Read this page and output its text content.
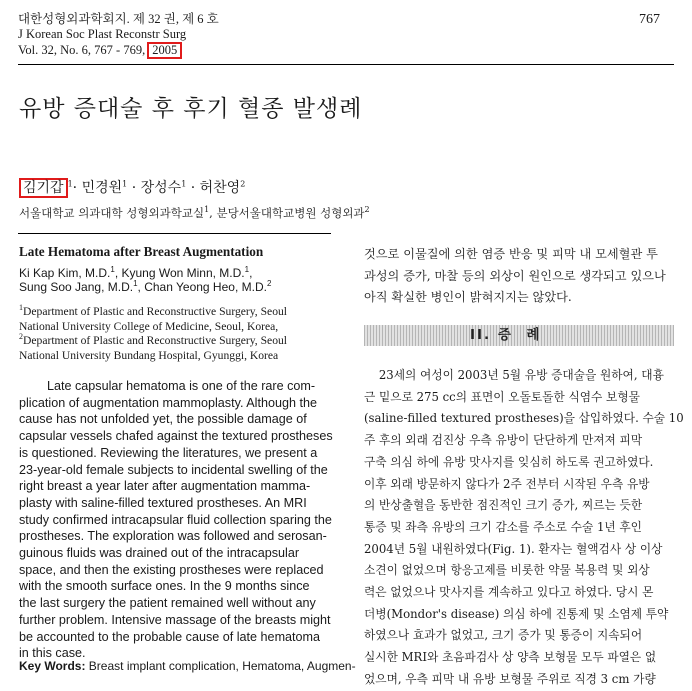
대한성형외과학회지. 제 32 권, 제 6 호
J Korean Soc Plast Reconstr Surg
Vol. 32, No. 6, 767 - 769, 2005
767
유방 증대술 후 후기 혈종 발생례
김기갑 $^1$· 민경원$^1$ · 장성수$^1$ · 허찬영$^2$
서울대학교 의과대학 성형외과학교실$^1$, 분당서울대학교병원 성형외과$^2$
Late Hematoma after Breast Augmentation
Ki Kap Kim, M.D.$^1$, Kyung Won Minn, M.D.$^1$,
Sung Soo Jang, M.D.$^1$, Chan Yeong Heo, M.D.$^2$
$^1$Department of Plastic and Reconstructive Surgery, Seoul
National University College of Medicine, Seoul, Korea,
$^2$Department of Plastic and Reconstructive Surgery, Seoul
National University Bundang Hospital, Gyunggi, Korea
Late capsular hematoma is one of the rare com-
plication of augmentation mammoplasty. Although the
cause has not unfolded yet, the possible damage of
capsular vessels chafed against the textured prostheses
is questioned. Reviewing the literatures, we present a
23-year-old female subjects to incidental swelling of the
right breast a year later after augmentation mamma-
plasty with saline-filled textured prostheses. An MRI
study confirmed intracapsular fluid collection sparing the
prostheses. The exploration was followed and serosan-
guinous fluids was drained out of the intracapsular
space, and then the existing prostheses were replaced
with the smooth surface ones. In the 9 months since
the last surgery the patient remained well without any
further problem. Intensive massage of the breasts might
be accounted to the probable cause of late hematoma
in this case.
Key Words: Breast implant complication, Hematoma, Augmen-
것으로 이물질에 의한 염증 반응 및 피막 내 모세혈관 투
과성의 증가, 마찰 등의 외상이 원인으로 생각되고 있으나
아직 확실한 병인이 밝혀지지는 않았다.
II. 증  례
23세의 여성이 2003년 5월 유방 증대술을 원하여, 대흉
근 밑으로 275 cc의 표면이 오돌토돌한 식염수 보형물
(saline-filled textured prostheses)을 삽입하였다. 수술 10
주 후의 외래 검진상 우측 유방이 단단하게 만져져 피막
구축 의심 하에 유방 맛사지를 잊심히 하도록 권고하였다.
이후 외래 방문하지 않다가 2주 전부터 시작된 우측 유방
의 반상출혈을 동반한 점진적인 크기 증가, 찌르는 듯한
통증 및 좌측 유방의 크기 감소를 주소로 수술 1년 후인
2004년 5월 내원하였다(Fig. 1). 환자는 혈액검사 상 이상
소견이 없었으며 항응고제를 비롯한 약물 복용력 및 외상
력은 없었으나 맛사지를 계속하고 있다고 하였다. 당시 몬
더병(Mondor's disease) 의심 하에 진통제 및 소염제 투약
하였으나 효과가 없었고, 크기 증가 및 통증이 지속되어
실시한 MRI와 초음파검사 상 양측 보형물 모두 파열은 없
었으며, 우측 피막 내 유방 보형물 주위로 직경 3 cm 가량
